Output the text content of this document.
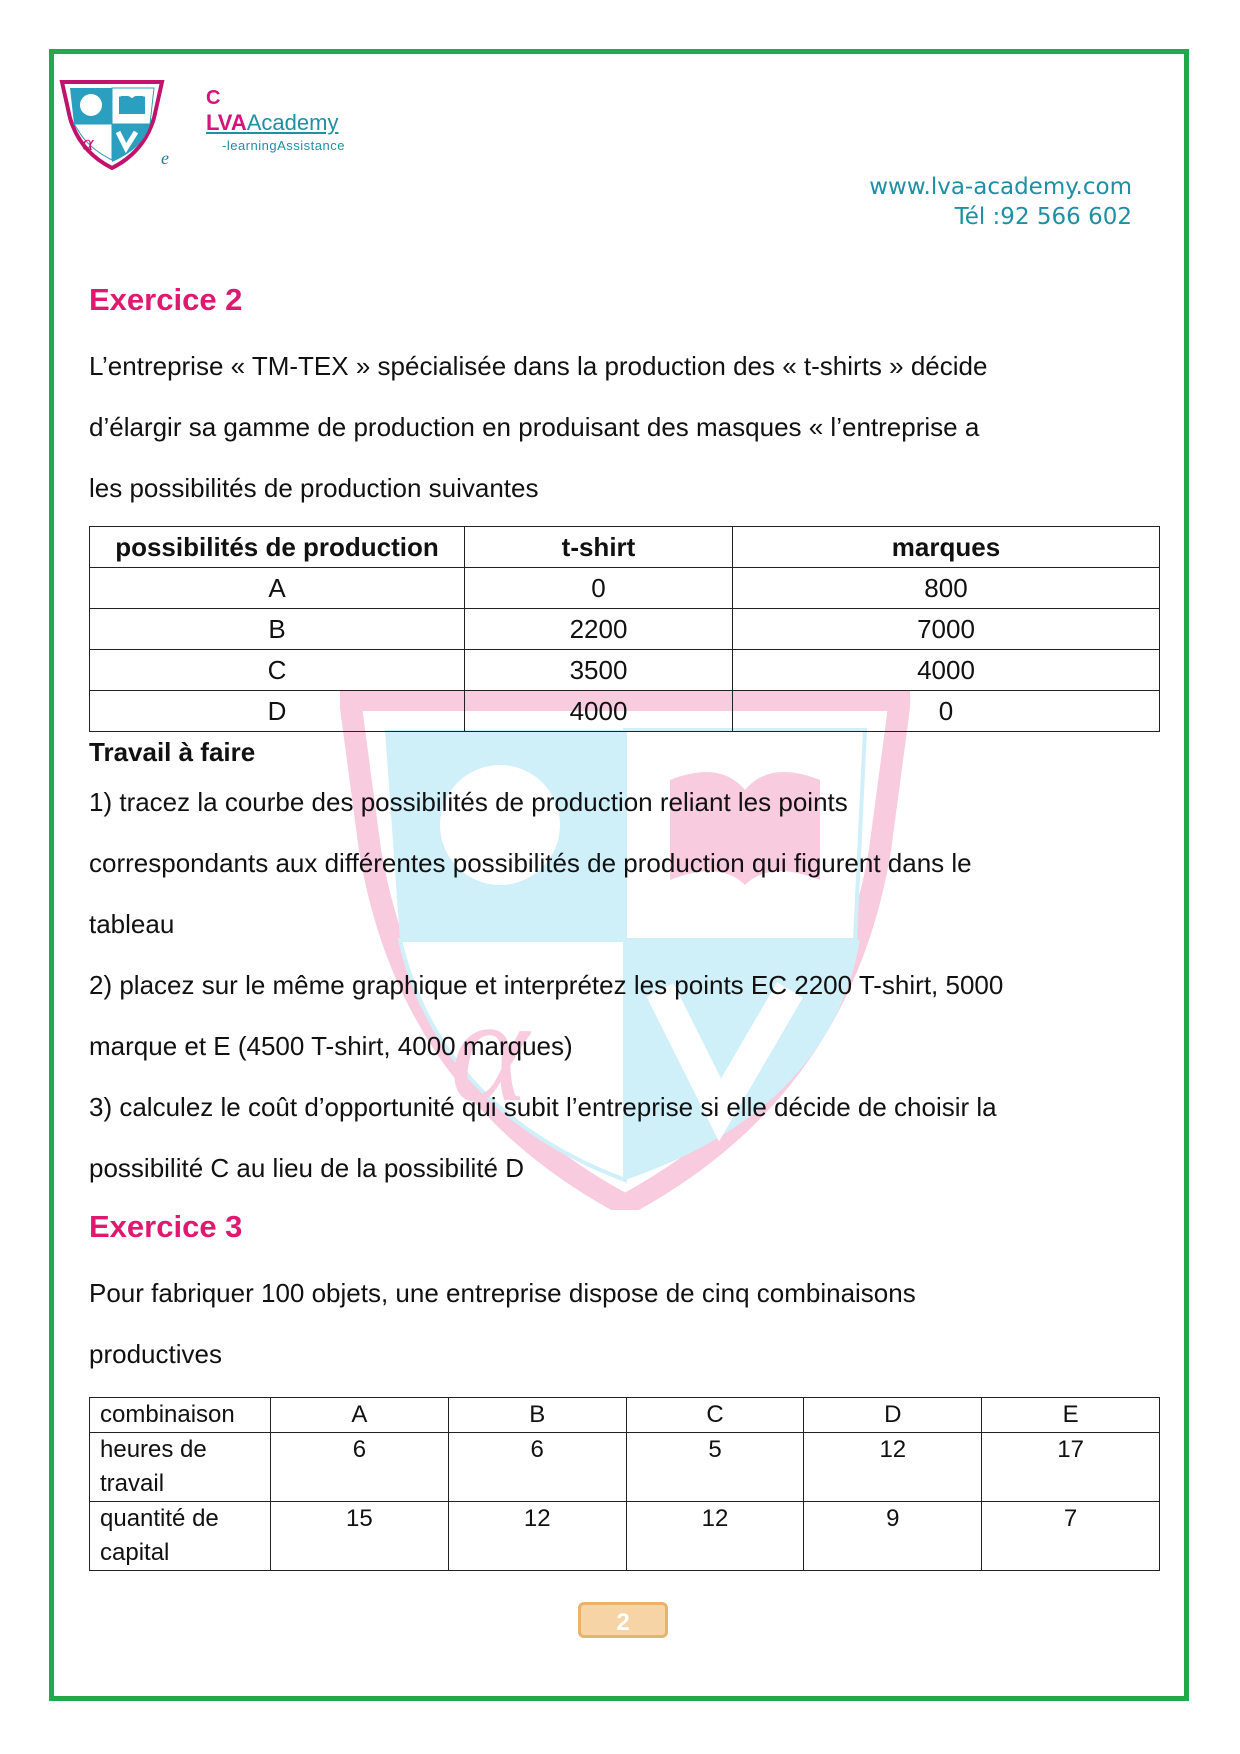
α
e
C
LVAAcademy
-learningAssistance
www.lva-academy.com
Tél :92 566 602
α
Exercice 2

L’entreprise « TM-TEX » spécialisée dans la production des « t-shirts » décide

d’élargir sa gamme de production en produisant des masques « l’entreprise a

les possibilités de production suivantes

possibilités de production	t-shirt	marques
A	0	800
B	2200	7000
C	3500	4000
D	4000	0

Travail à faire

1) tracez la courbe des possibilités de production reliant les points

correspondants aux différentes possibilités de production qui figurent dans le

tableau

2) placez sur le même graphique et interprétez les points EC 2200 T-shirt, 5000

marque et E (4500 T-shirt, 4000 marques)

3) calculez le coût d’opportunité qui subit l’entreprise si elle décide de choisir la

possibilité C au lieu de la possibilité D

Exercice 3

Pour fabriquer 100 objets, une entreprise dispose de cinq combinaisons

productives

combinaison	A	B	C	D	E
heures de
travail	6	6	5	12	17
quantité de
capital	15	12	12	9	7
2
